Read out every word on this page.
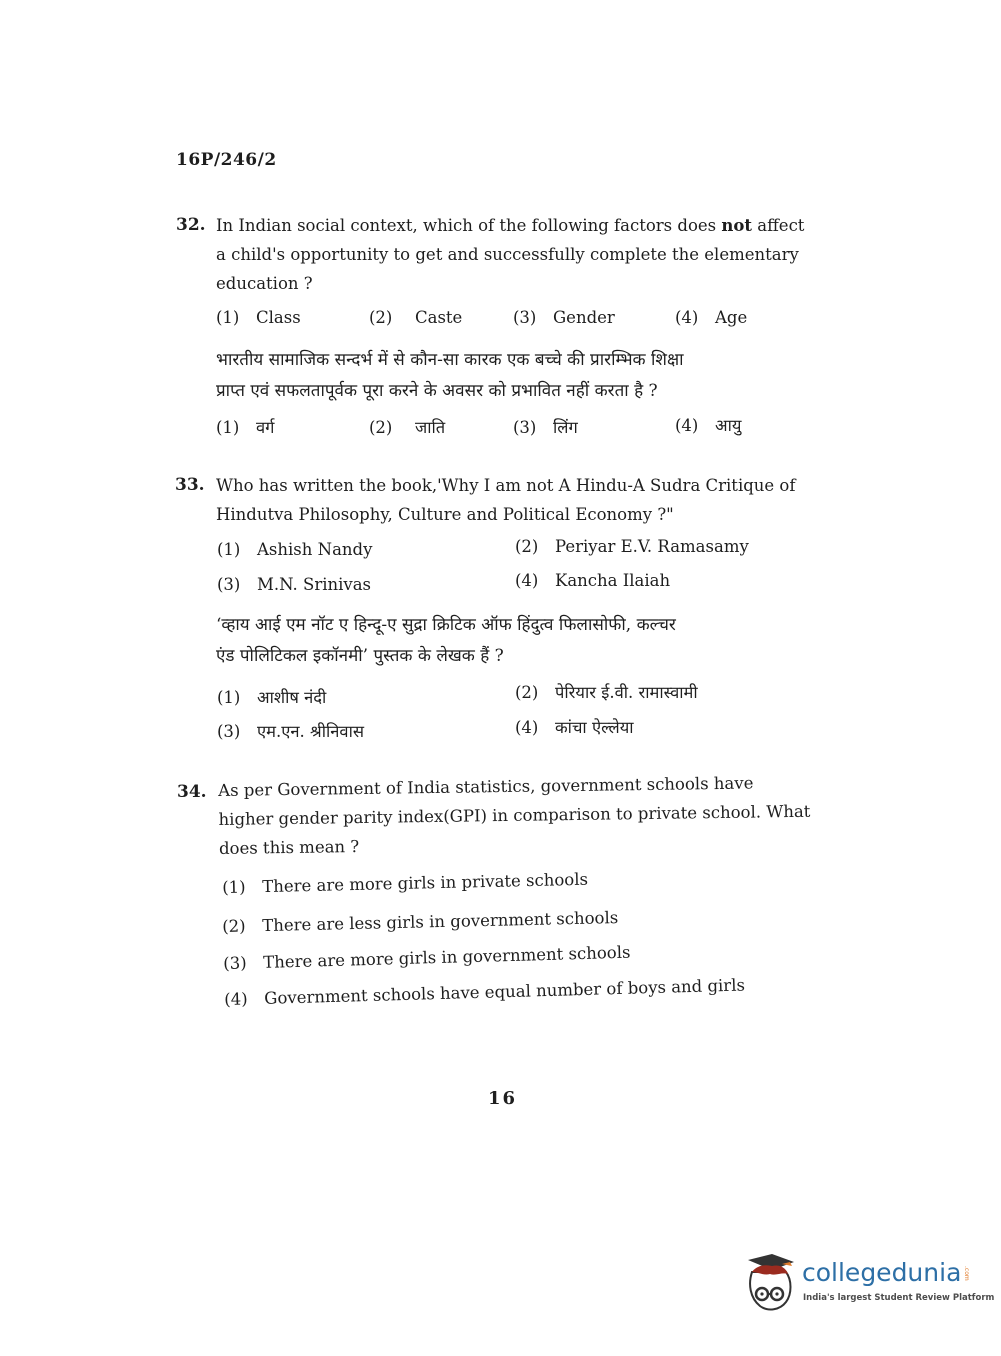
16P/246/2
32. In Indian social context, which of the following factors does not affect a child's opportunity to get and successfully complete the elementary education ?
(1) Class	(2) Caste	(3) Gender	(4) Age
भारतीय सामाजिक सन्दर्भ में से कौन-सा कारक एक बच्चे की प्रारम्भिक शिक्षा
प्राप्त एवं सफलतापूर्वक पूरा करने के अवसर को प्रभावित नहीं करता है ?
(1) वर्ग	(2) जाति	(3) लिंग	(4) आयु
33. Who has written the book,'Why I am not A Hindu-A Sudra Critique of Hindutva Philosophy, Culture and Political Economy ?"
(1) Ashish Nandy	(2) Periyar E.V. Ramasamy
(3) M.N. Srinivas	(4) Kancha Ilaiah
‘व्हाय आई एम नॉट ए हिन्दू-ए सुद्रा क्रिटिक ऑफ हिंदुत्व फिलासोफी, कल्चर
एंड पोलिटिकल इकॉनमी’ पुस्तक के लेखक हैं ?
(1) आशीष नंदी	(2) पेरियार ई.वी. रामास्वामी
(3) एम.एन. श्रीनिवास	(4) कांचा ऐल्लेया
34. As per Government of India statistics, government schools have higher gender parity index(GPI) in comparison to private school. What does this mean ?
(1) There are more girls in private schools
(2) There are less girls in government schools
(3) There are more girls in government schools
(4) Government schools have equal number of boys and girls
16
collegedunia .com
India's largest Student Review Platform
